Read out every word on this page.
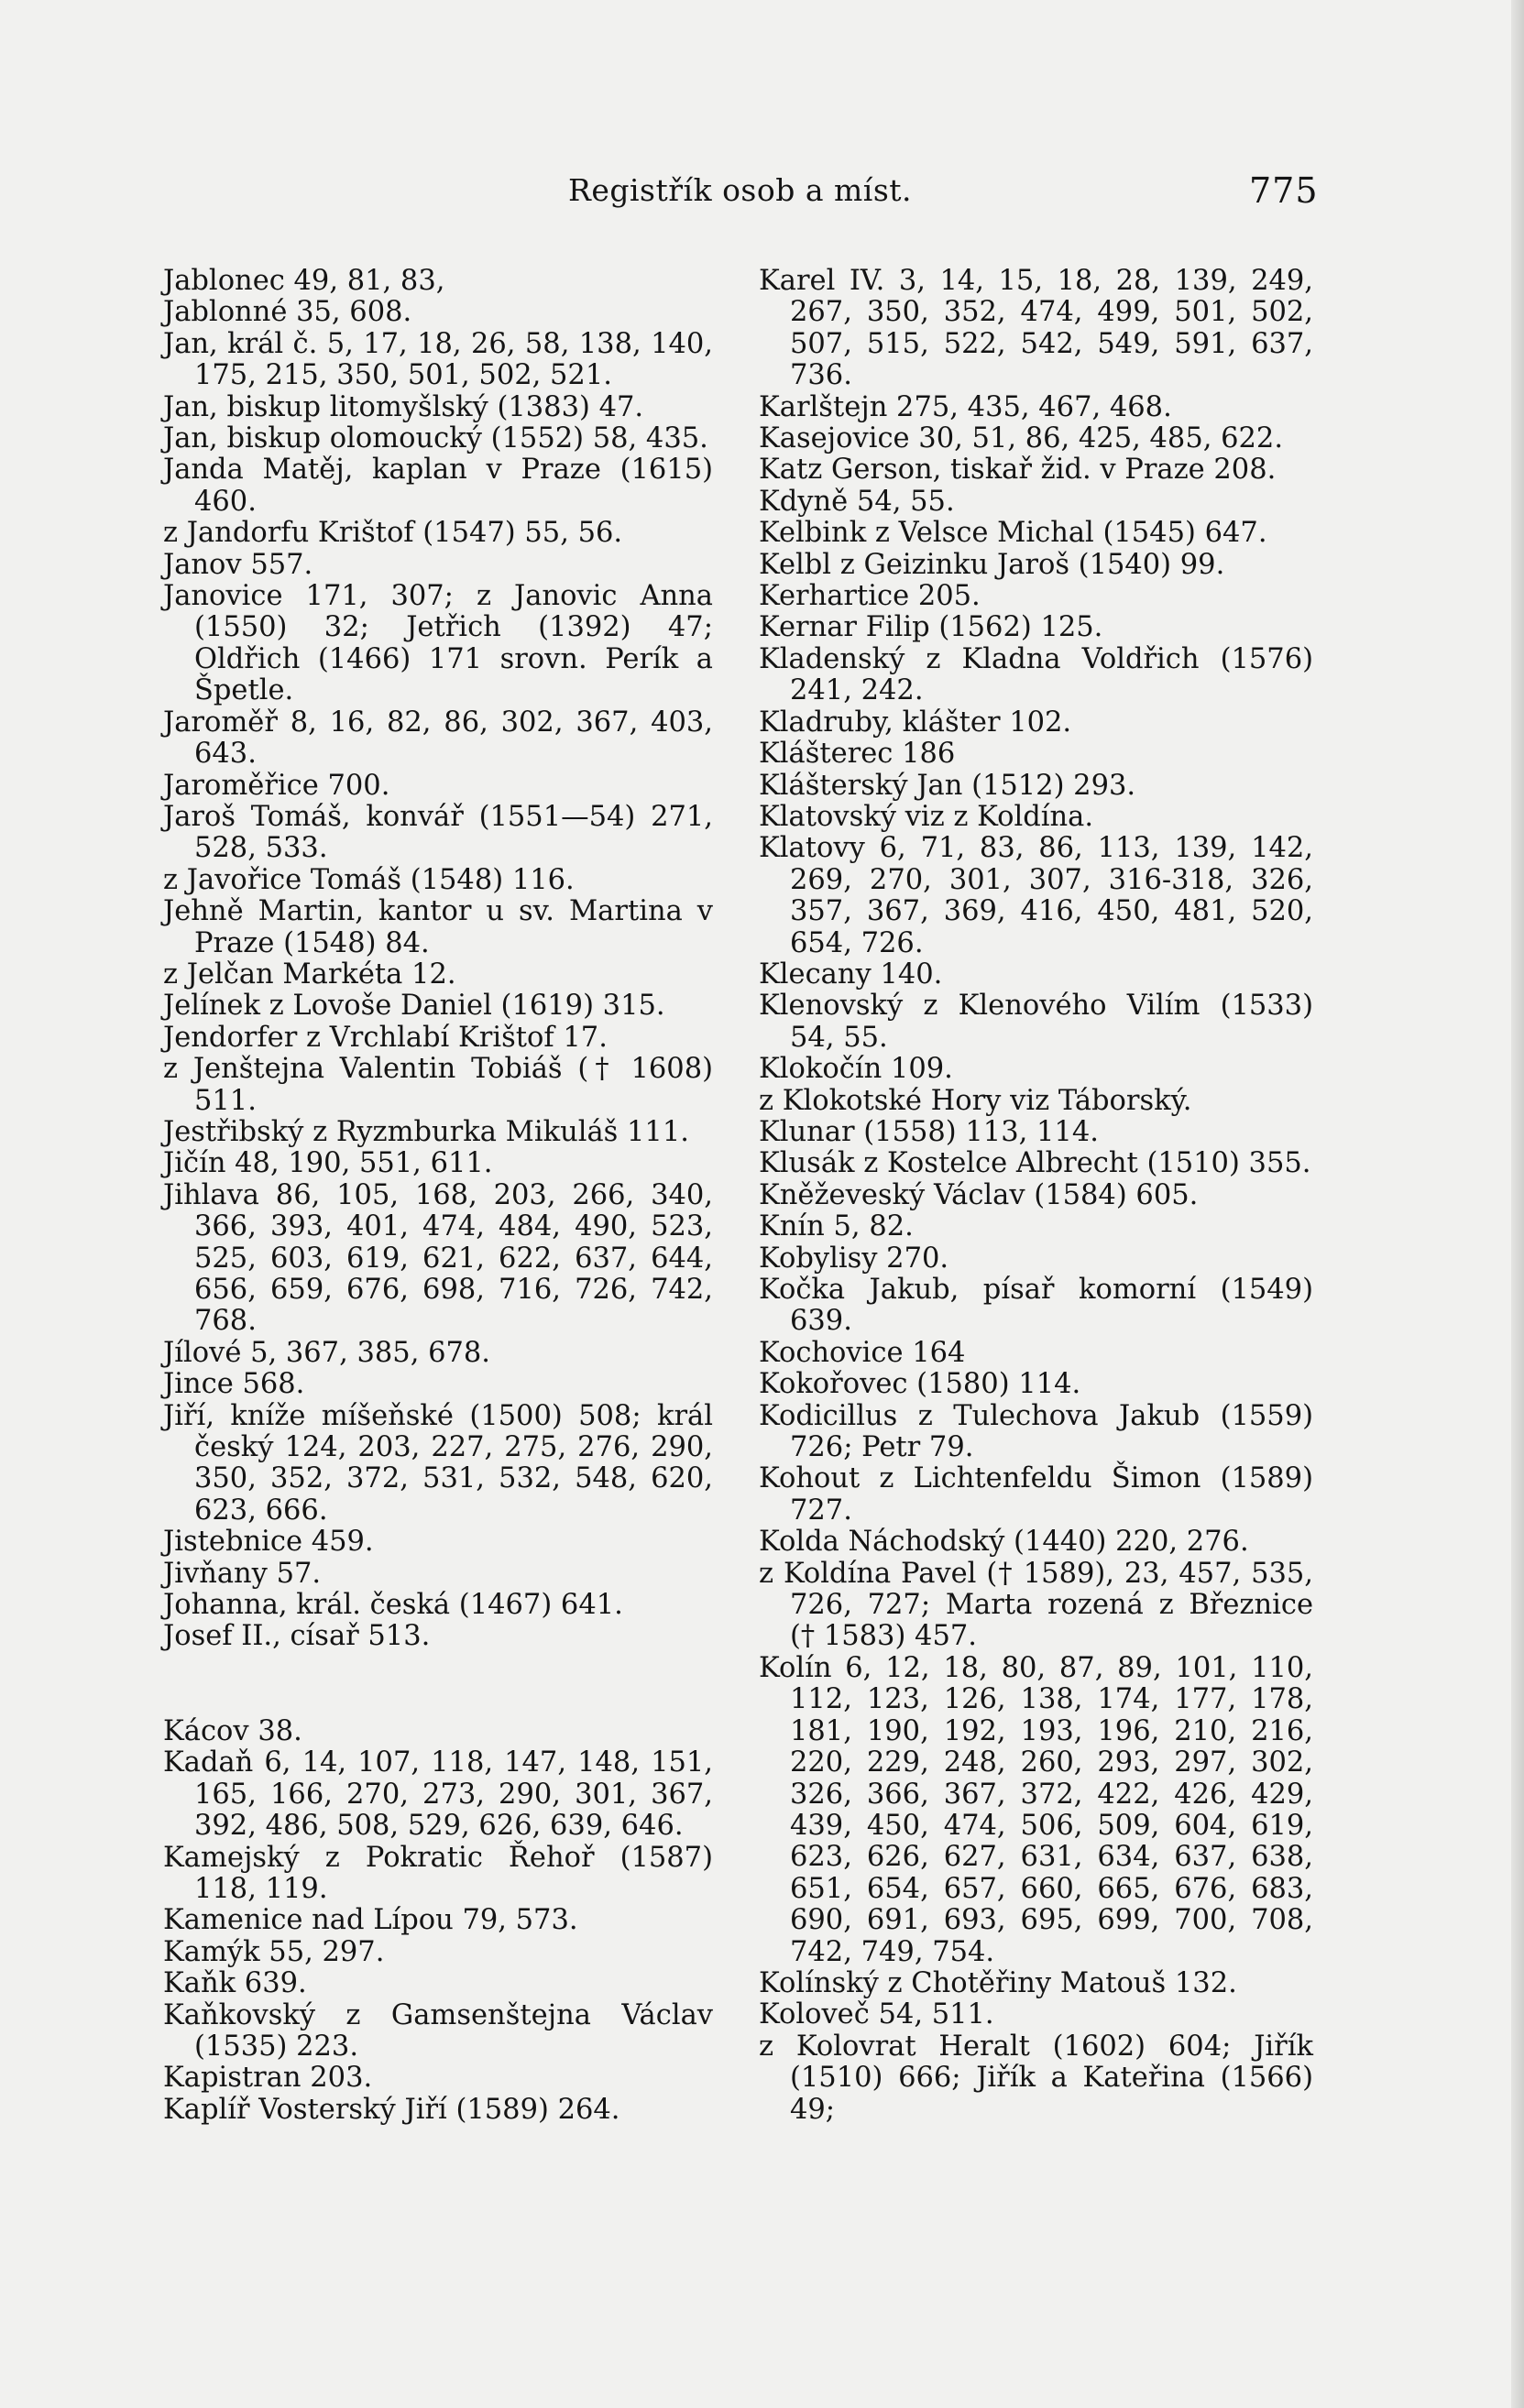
Registřík osob a míst.	775

Jablonec 49, 81, 83,

Jablonné 35, 608.

Jan, král č. 5, 17, 18, 26, 58, 138, 140, 175, 215, 350, 501, 502, 521.

Jan, biskup litomyšlský (1383) 47.

Jan, biskup olomoucký (1552) 58, 435.

Janda Matěj, kaplan v Praze (1615) 460.

z Jandorfu Krištof (1547) 55, 56.

Janov 557.

Janovice 171, 307; z Janovic Anna (1550) 32; Jetřich (1392) 47; Oldřich (1466) 171 srovn. Perík a Špetle.

Jaroměř 8, 16, 82, 86, 302, 367, 403, 643.

Jaroměřice 700.

Jaroš Tomáš, konvář (1551—54) 271, 528, 533.

z Javořice Tomáš (1548) 116.

Jehně Martin, kantor u sv. Martina v Praze (1548) 84.

z Jelčan Markéta 12.

Jelínek z Lovoše Daniel (1619) 315.

Jendorfer z Vrchlabí Krištof 17.

z Jenštejna Valentin Tobiáš († 1608) 511.

Jestřibský z Ryzmburka Mikuláš 111.

Jičín 48, 190, 551, 611.

Jihlava 86, 105, 168, 203, 266, 340, 366, 393, 401, 474, 484, 490, 523, 525, 603, 619, 621, 622, 637, 644, 656, 659, 676, 698, 716, 726, 742, 768.

Jílové 5, 367, 385, 678.

Jince 568.

Jiří, kníže míšeňské (1500) 508; král český 124, 203, 227, 275, 276, 290, 350, 352, 372, 531, 532, 548, 620, 623, 666.

Jistebnice 459.

Jivňany 57.

Johanna, král. česká (1467) 641.

Josef II., císař 513.

Kácov 38.

Kadaň 6, 14, 107, 118, 147, 148, 151, 165, 166, 270, 273, 290, 301, 367, 392, 486, 508, 529, 626, 639, 646.

Kamejský z Pokratic Řehoř (1587) 118, 119.

Kamenice nad Lípou 79, 573.

Kamýk 55, 297.

Kaňk 639.

Kaňkovský z Gamsenštejna Václav (1535) 223.

Kapistran 203.

Kaplíř Vosterský Jiří (1589) 264.

Karel IV. 3, 14, 15, 18, 28, 139, 249, 267, 350, 352, 474, 499, 501, 502, 507, 515, 522, 542, 549, 591, 637, 736.

Karlštejn 275, 435, 467, 468.

Kasejovice 30, 51, 86, 425, 485, 622.

Katz Gerson, tiskař žid. v Praze 208.

Kdyně 54, 55.

Kelbink z Velsce Michal (1545) 647.

Kelbl z Geizinku Jaroš (1540) 99.

Kerhartice 205.

Kernar Filip (1562) 125.

Kladenský z Kladna Voldřich (1576) 241, 242.

Kladruby, klášter 102.

Klášterec 186

Klášterský Jan (1512) 293.

Klatovský viz z Koldína.

Klatovy 6, 71, 83, 86, 113, 139, 142, 269, 270, 301, 307, 316-318, 326, 357, 367, 369, 416, 450, 481, 520, 654, 726.

Klecany 140.

Klenovský z Klenového Vilím (1533) 54, 55.

Klokočín 109.

z Klokotské Hory viz Táborský.

Klunar (1558) 113, 114.

Klusák z Kostelce Albrecht (1510) 355.

Kněževeský Václav (1584) 605.

Knín 5, 82.

Kobylisy 270.

Kočka Jakub, písař komorní (1549) 639.

Kochovice 164

Kokořovec (1580) 114.

Kodicillus z Tulechova Jakub (1559) 726; Petr 79.

Kohout z Lichtenfeldu Šimon (1589) 727.

Kolda Náchodský (1440) 220, 276.

z Koldína Pavel († 1589), 23, 457, 535, 726, 727; Marta rozená z Březnice († 1583) 457.

Kolín 6, 12, 18, 80, 87, 89, 101, 110, 112, 123, 126, 138, 174, 177, 178, 181, 190, 192, 193, 196, 210, 216, 220, 229, 248, 260, 293, 297, 302, 326, 366, 367, 372, 422, 426, 429, 439, 450, 474, 506, 509, 604, 619, 623, 626, 627, 631, 634, 637, 638, 651, 654, 657, 660, 665, 676, 683, 690, 691, 693, 695, 699, 700, 708, 742, 749, 754.

Kolínský z Chotěřiny Matouš 132.

Koloveč 54, 511.

z Kolovrat Heralt (1602) 604; Jiřík (1510) 666; Jiřík a Kateřina (1566) 49;
